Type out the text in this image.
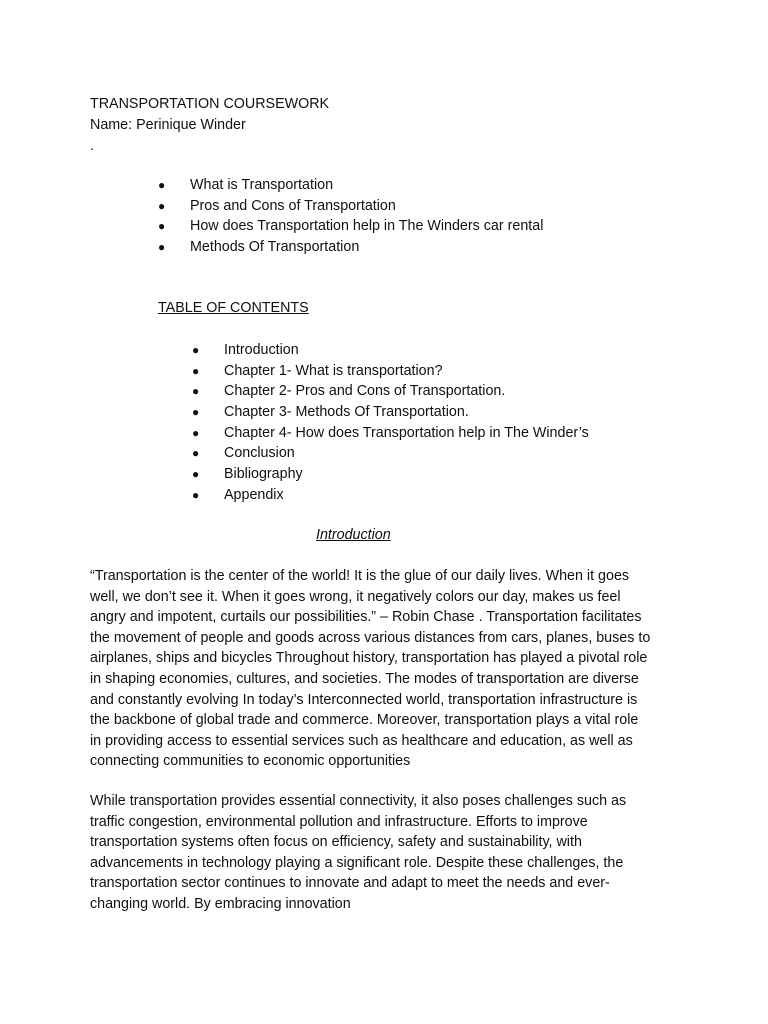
TRANSPORTATION COURSEWORK
Name: Perinique Winder
.
● What is Transportation
● Pros and Cons of Transportation
● How does Transportation help in The Winders car rental
● Methods Of Transportation
TABLE OF CONTENTS
● Introduction
● Chapter 1- What is transportation?
● Chapter 2- Pros and Cons of Transportation.
● Chapter 3- Methods Of Transportation.
● Chapter 4- How does Transportation help in The Winder’s
● Conclusion
● Bibliography
● Appendix
Introduction
“Transportation is the center of the world! It is the glue of our daily lives. When it goes
well, we don’t see it. When it goes wrong, it negatively colors our day, makes us feel
angry and impotent, curtails our possibilities.” – Robin Chase . Transportation facilitates
the movement of people and goods across various distances from cars, planes, buses to
airplanes, ships and bicycles Throughout history, transportation has played a pivotal role
in shaping economies, cultures, and societies. The modes of transportation are diverse
and constantly evolving In today’s Interconnected world, transportation infrastructure is
the backbone of global trade and commerce. Moreover, transportation plays a vital role
in providing access to essential services such as healthcare and education, as well as
connecting communities to economic opportunities
While transportation provides essential connectivity, it also poses challenges such as
traffic congestion, environmental pollution and infrastructure. Efforts to improve
transportation systems often focus on efficiency, safety and sustainability, with
advancements in technology playing a significant role. Despite these challenges, the
transportation sector continues to innovate and adapt to meet the needs and ever-
changing world. By embracing innovation
